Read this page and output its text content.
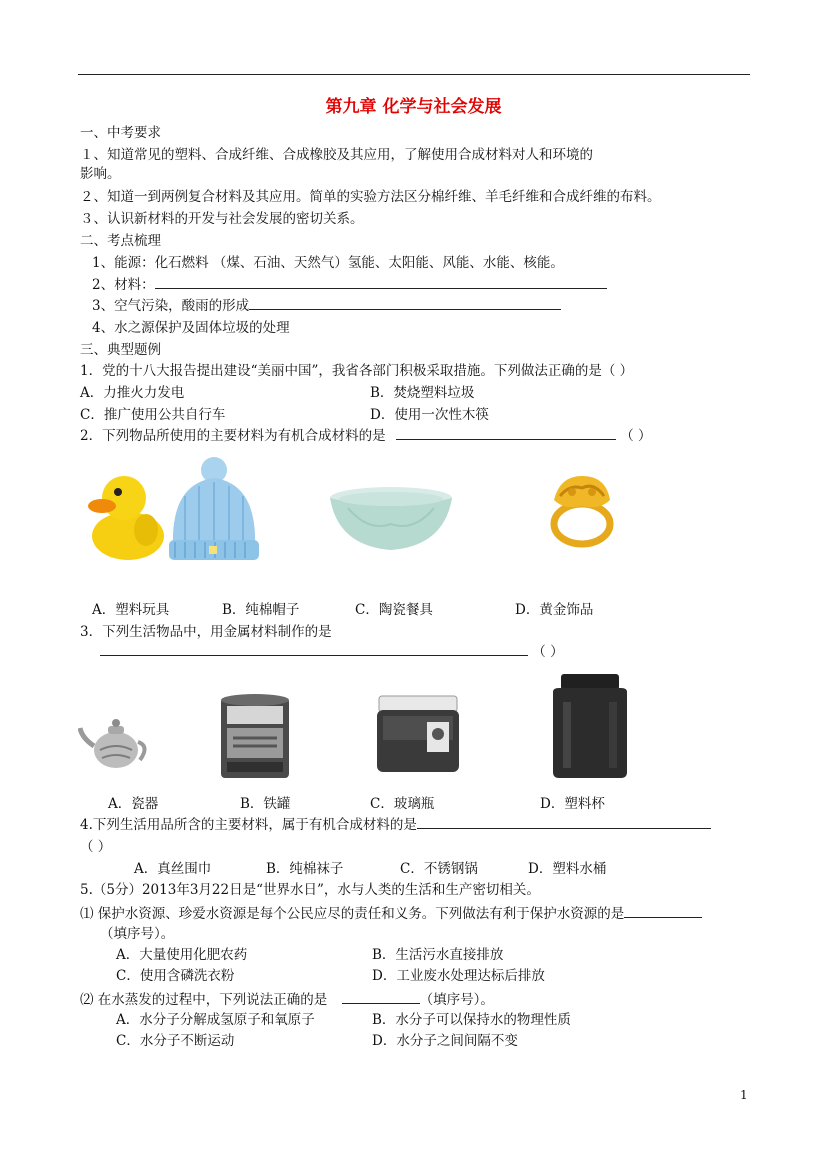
第九章 化学与社会发展
一、中考要求
１、知道常见的塑料、合成纤维、合成橡胶及其应用，了解使用合成材料对人和环境的
影响。
２、知道一到两例复合材料及其应用。简单的实验方法区分棉纤维、羊毛纤维和合成纤维的布料。
３、认识新材料的开发与社会发展的密切关系。
二、考点梳理
1、能源：化石燃料 （煤、石油、天然气）氢能、太阳能、风能、水能、核能。
2、材料：
3、空气污染，酸雨的形成
4、水之源保护及固体垃圾的处理
三、典型题例
1．党的十八大报告提出建设“美丽中国”，我省各部门积极采取措施。下列做法正确的是（ ）
A．力推火力发电	B．焚烧塑料垃圾
C．推广使用公共自行车	D．使用一次性木筷
2．下列物品所使用的主要材料为有机合成材料的是	（ ）
A．塑料玩具	B．纯棉帽子	C．陶瓷餐具	D．黄金饰品
3．下列生活物品中，用金属材料制作的是
（ ）
A．瓷器	B．铁罐	C．玻璃瓶	D．塑料杯
4.下列生活用品所含的主要材料，属于有机合成材料的是
（ ）
A．真丝围巾	B．纯棉袜子	C．不锈钢锅	D．塑料水桶
5.（5分）2013年3月22日是“世界水日”，水与人类的生活和生产密切相关。
⑴ 保护水资源、珍爱水资源是每个公民应尽的责任和义务。下列做法有利于保护水资源的是
（填序号）。
A．大量使用化肥农药	B．生活污水直接排放
C．使用含磷洗衣粉	D．工业废水处理达标后排放
⑵ 在水蒸发的过程中，下列说法正确的是	（填序号）。
A．水分子分解成氢原子和氧原子	B．水分子可以保持水的物理性质
C．水分子不断运动	D．水分子之间间隔不变
1
